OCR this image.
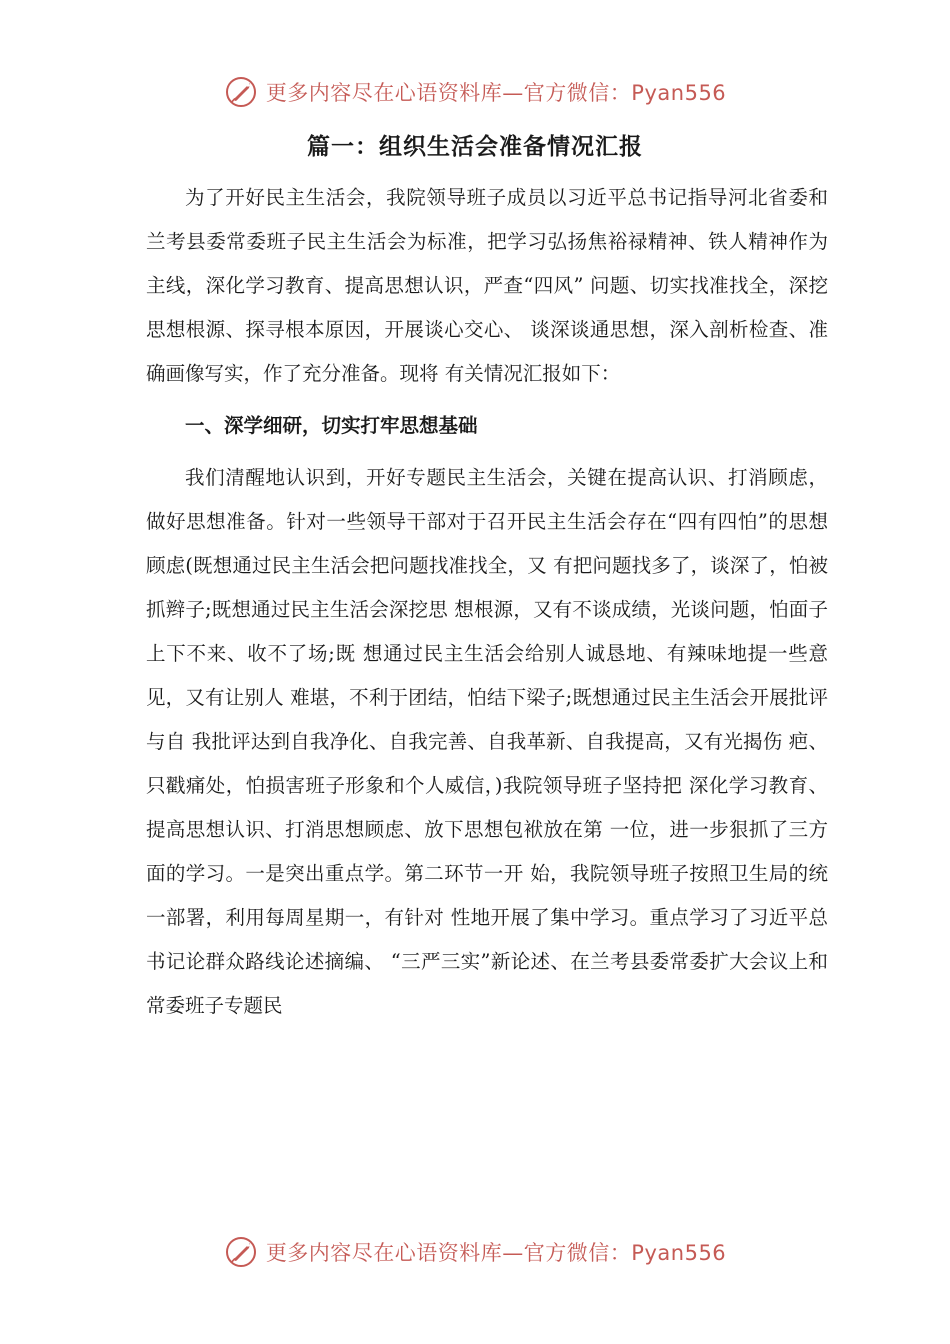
更多内容尽在心语资料库—官方微信：Pyan556
篇一：组织生活会准备情况汇报

为了开好民主生活会，我院领导班子成员以习近平总书记指导河北省委和兰考县委常委班子民主生活会为标准，把学习弘扬焦裕禄精神、铁人精神作为主线，深化学习教育、提高思想认识，严查“四风” 问题、切实找准找全，深挖思想根源、探寻根本原因，开展谈心交心、 谈深谈通思想，深入剖析检查、准确画像写实，作了充分准备。现将 有关情况汇报如下：

一、深学细研，切实打牢思想基础

我们清醒地认识到，开好专题民主生活会，关键在提高认识、打消顾虑，做好思想准备。针对一些领导干部对于召开民主生活会存在“四有四怕”的思想顾虑(既想通过民主生活会把问题找准找全，又 有把问题找多了，谈深了，怕被抓辫子;既想通过民主生活会深挖思 想根源，又有不谈成绩，光谈问题，怕面子上下不来、收不了场;既 想通过民主生活会给别人诚恳地、有辣味地提一些意见，又有让别人 难堪，不利于团结，怕结下梁子;既想通过民主生活会开展批评与自 我批评达到自我净化、自我完善、自我革新、自我提高，又有光揭伤 疤、只戳痛处，怕损害班子形象和个人威信，)我院领导班子坚持把 深化学习教育、提高思想认识、打消思想顾虑、放下思想包袱放在第 一位，进一步狠抓了三方面的学习。一是突出重点学。第二环节一开 始，我院领导班子按照卫生局的统一部署，利用每周星期一，有针对 性地开展了集中学习。重点学习了习近平总书记论群众路线论述摘编、 “三严三实”新论述、在兰考县委常委扩大会议上和常委班子专题民

更多内容尽在心语资料库—官方微信：Pyan556
